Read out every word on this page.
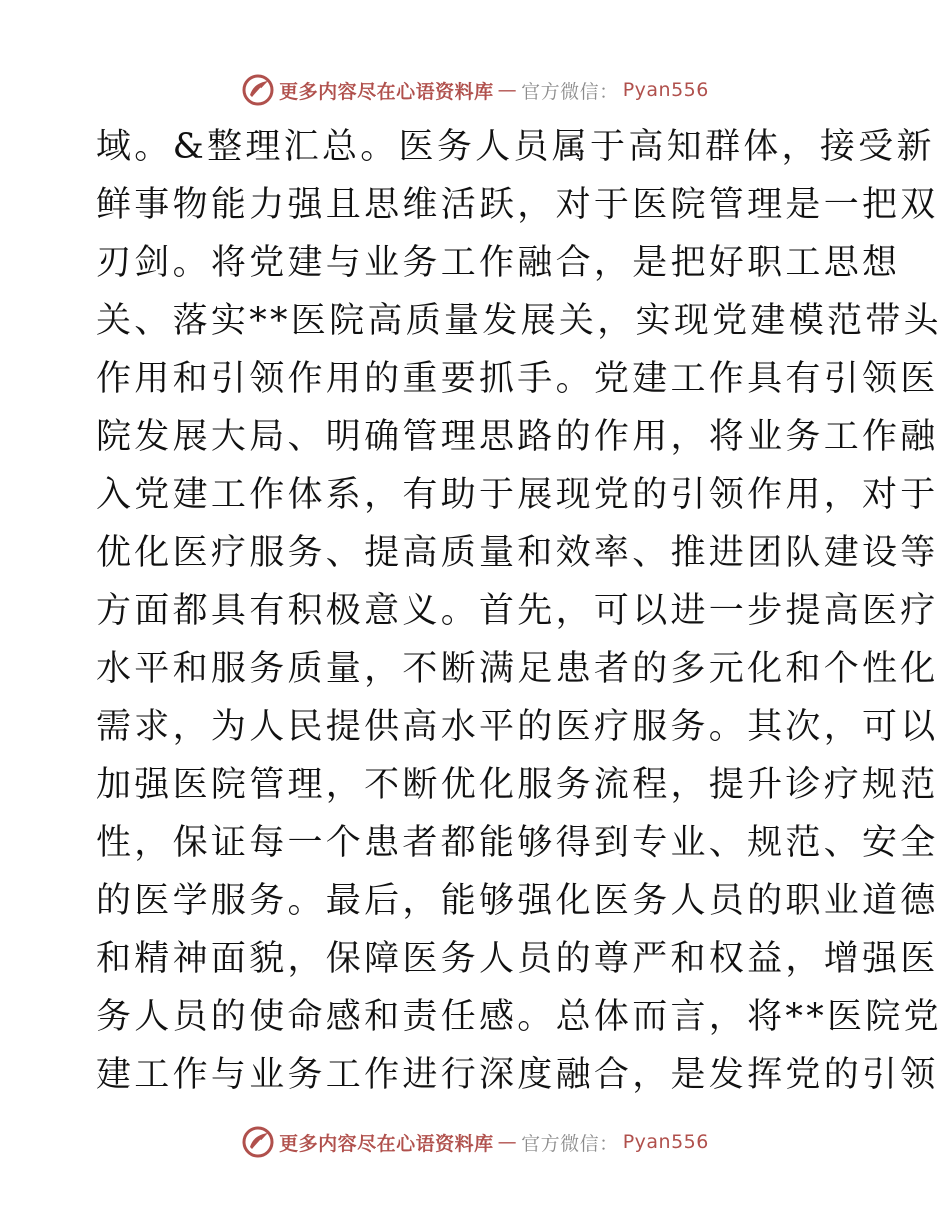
更多内容尽在心语资料库 — 官方微信： Pyan556
域。&整理汇总。医务人员属于高知群体，接受新
鲜事物能力强且思维活跃，对于医院管理是一把双
刃剑。将党建与业务工作融合，是把好职工思想
关、落实**医院高质量发展关，实现党建模范带头
作用和引领作用的重要抓手。党建工作具有引领医
院发展大局、明确管理思路的作用，将业务工作融
入党建工作体系，有助于展现党的引领作用，对于
优化医疗服务、提高质量和效率、推进团队建设等
方面都具有积极意义。首先，可以进一步提高医疗
水平和服务质量，不断满足患者的多元化和个性化
需求，为人民提供高水平的医疗服务。其次，可以
加强医院管理，不断优化服务流程，提升诊疗规范
性，保证每一个患者都能够得到专业、规范、安全
的医学服务。最后，能够强化医务人员的职业道德
和精神面貌，保障医务人员的尊严和权益，增强医
务人员的使命感和责任感。总体而言，将**医院党
建工作与业务工作进行深度融合，是发挥党的引领
更多内容尽在心语资料库 — 官方微信： Pyan556
